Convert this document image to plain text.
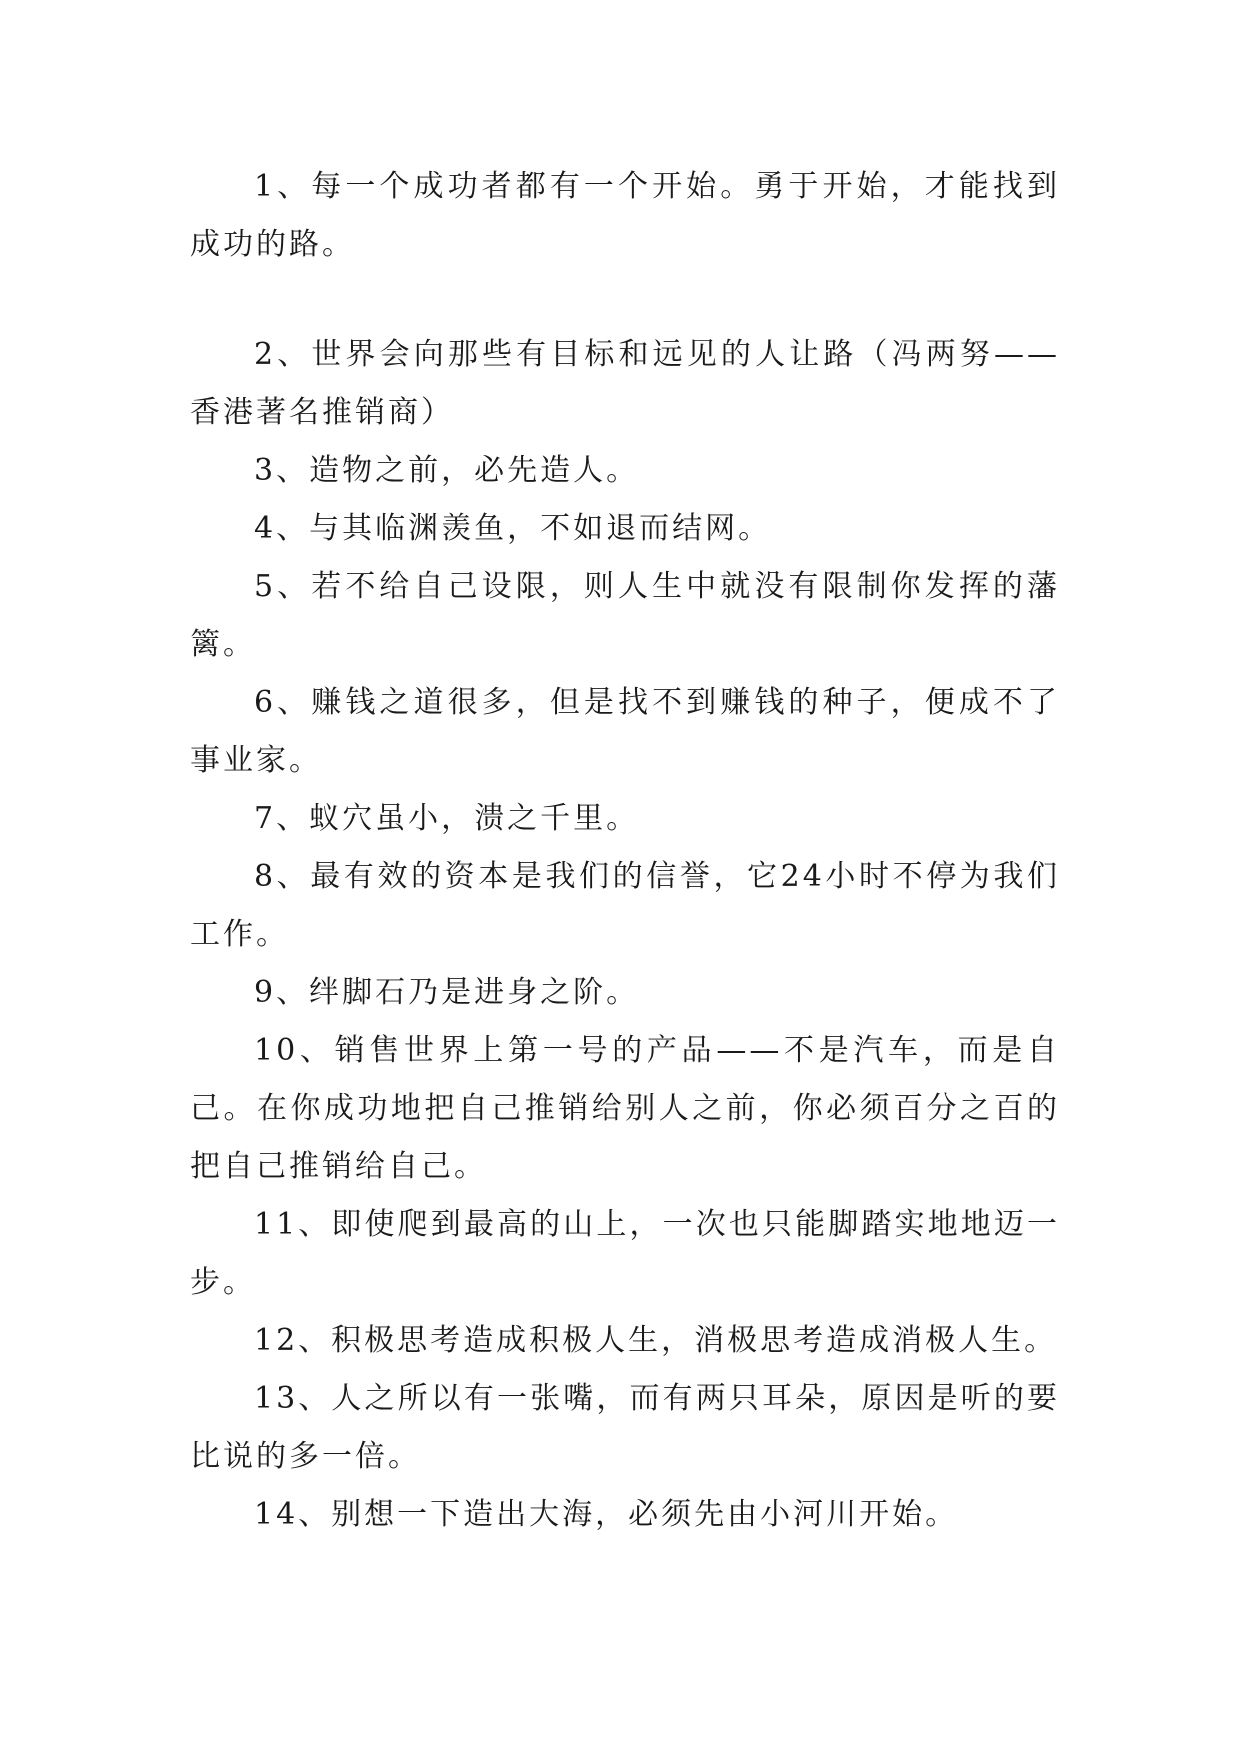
1、每一个成功者都有一个开始。勇于开始，才能找到成功的路。

2、世界会向那些有目标和远见的人让路（冯两努——香港著名推销商）

3、造物之前，必先造人。

4、与其临渊羡鱼，不如退而结网。

5、若不给自己设限，则人生中就没有限制你发挥的藩篱。

6、赚钱之道很多，但是找不到赚钱的种子，便成不了事业家。

7、蚁穴虽小，溃之千里。

8、最有效的资本是我们的信誉，它24小时不停为我们工作。

9、绊脚石乃是进身之阶。

10、销售世界上第一号的产品——不是汽车，而是自己。在你成功地把自己推销给别人之前，你必须百分之百的把自己推销给自己。

11、即使爬到最高的山上，一次也只能脚踏实地地迈一步。

12、积极思考造成积极人生，消极思考造成消极人生。

13、人之所以有一张嘴，而有两只耳朵，原因是听的要比说的多一倍。

14、别想一下造出大海，必须先由小河川开始。
